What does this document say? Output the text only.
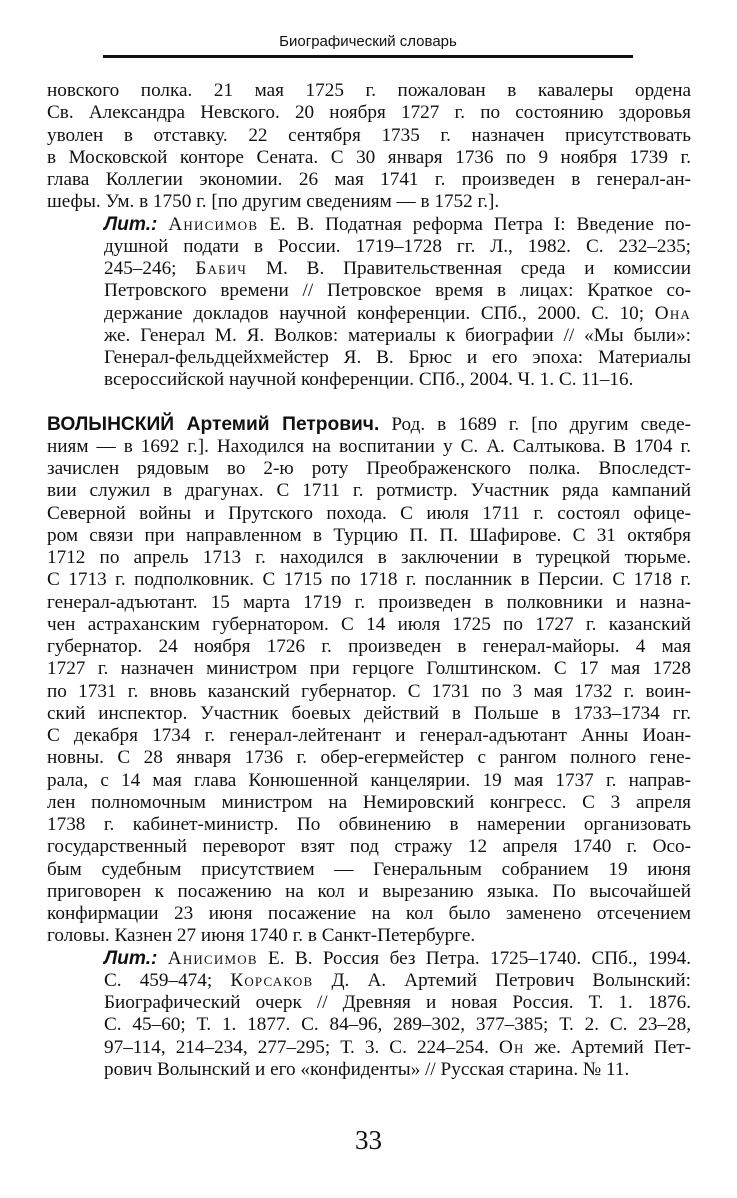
Биографический словарь
новского полка. 21 мая 1725 г. пожалован в кавалеры ордена
Св. Александра Невского. 20 ноября 1727 г. по состоянию здоровья
уволен в отставку. 22 сентября 1735 г. назначен присутствовать
в Московской конторе Сената. С 30 января 1736 по 9 ноября 1739 г.
глава Коллегии экономии. 26 мая 1741 г. произведен в генерал-ан-
шефы. Ум. в 1750 г. [по другим сведениям — в 1752 г.].
Лит.: Анисимов Е. В. Податная реформа Петра I: Введение по-
душной подати в России. 1719–1728 гг. Л., 1982. С. 232–235;
245–246; Бабич М. В. Правительственная среда и комиссии
Петровского времени // Петровское время в лицах: Краткое со-
держание докладов научной конференции. СПб., 2000. С. 10; Она
же. Генерал М. Я. Волков: материалы к биографии // «Мы были»:
Генерал-фельдцейхмейстер Я. В. Брюс и его эпоха: Материалы
всероссийской научной конференции. СПб., 2004. Ч. 1. С. 11–16.
ВОЛЫНСКИЙ Артемий Петрович. Род. в 1689 г. [по другим сведе-
ниям — в 1692 г.]. Находился на воспитании у С. А. Салтыкова. В 1704 г.
зачислен рядовым во 2-ю роту Преображенского полка. Впоследст-
вии служил в драгунах. С 1711 г. ротмистр. Участник ряда кампаний
Северной войны и Прутского похода. С июля 1711 г. состоял офице-
ром связи при направленном в Турцию П. П. Шафирове. С 31 октября
1712 по апрель 1713 г. находился в заключении в турецкой тюрьме.
С 1713 г. подполковник. С 1715 по 1718 г. посланник в Персии. С 1718 г.
генерал-адъютант. 15 марта 1719 г. произведен в полковники и назна-
чен астраханским губернатором. С 14 июля 1725 по 1727 г. казанский
губернатор. 24 ноября 1726 г. произведен в генерал-майоры. 4 мая
1727 г. назначен министром при герцоге Голштинском. С 17 мая 1728
по 1731 г. вновь казанский губернатор. С 1731 по 3 мая 1732 г. воин-
ский инспектор. Участник боевых действий в Польше в 1733–1734 гг.
С декабря 1734 г. генерал-лейтенант и генерал-адъютант Анны Иоан-
новны. С 28 января 1736 г. обер-егермейстер с рангом полного гене-
рала, с 14 мая глава Конюшенной канцелярии. 19 мая 1737 г. направ-
лен полномочным министром на Немировский конгресс. С 3 апреля
1738 г. кабинет-министр. По обвинению в намерении организовать
государственный переворот взят под стражу 12 апреля 1740 г. Осо-
бым судебным присутствием — Генеральным собранием 19 июня
приговорен к посажению на кол и вырезанию языка. По высочайшей
конфирмации 23 июня посажение на кол было заменено отсечением
головы. Казнен 27 июня 1740 г. в Санкт-Петербурге.
Лит.: Анисимов Е. В. Россия без Петра. 1725–1740. СПб., 1994.
С. 459–474; Корсаков Д. А. Артемий Петрович Волынский:
Биографический очерк // Древняя и новая Россия. Т. 1. 1876.
С. 45–60; Т. 1. 1877. С. 84–96, 289–302, 377–385; Т. 2. С. 23–28,
97–114, 214–234, 277–295; Т. 3. С. 224–254. Он же. Артемий Пет-
рович Волынский и его «конфиденты» // Русская старина. № 11.
33
